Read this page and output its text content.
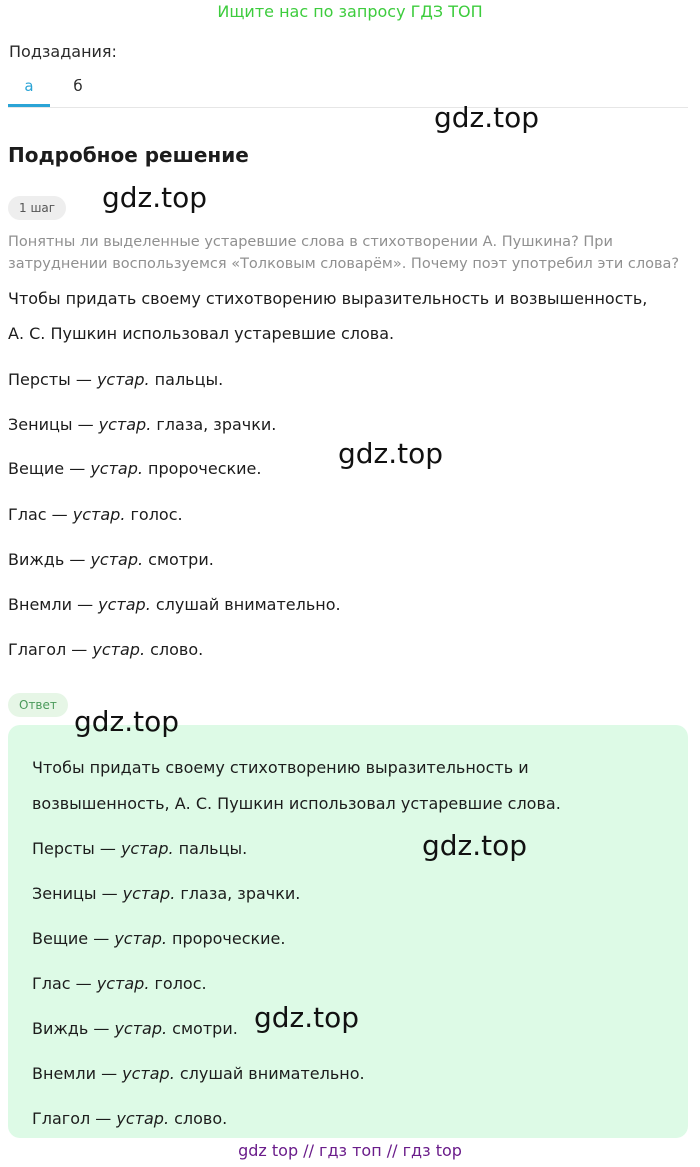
Ищите нас по запросу ГДЗ ТОП
Подзадания:
а	б
Подробное решение
1 шаг
Понятны ли выделенные устаревшие слова в стихотворении А. Пушкина? При
затруднении воспользуемся «Толковым словарём». Почему поэт употребил эти слова?
Чтобы придать своему стихотворению выразительность и возвышенность,
А. С. Пушкин использовал устаревшие слова.
Персты — устар. пальцы.
Зеницы — устар. глаза, зрачки.
Вещие — устар. пророческие.
Глас — устар. голос.
Виждь — устар. смотри.
Внемли — устар. слушай внимательно.
Глагол — устар. слово.
Ответ
Чтобы придать своему стихотворению выразительность и
возвышенность, А. С. Пушкин использовал устаревшие слова.
Персты — устар. пальцы.
Зеницы — устар. глаза, зрачки.
Вещие — устар. пророческие.
Глас — устар. голос.
Виждь — устар. смотри.
Внемли — устар. слушай внимательно.
Глагол — устар. слово.
gdz.top
gdz.top
gdz.top
gdz.top
gdz.top
gdz.top
gdz top // гдз топ // гдз top
